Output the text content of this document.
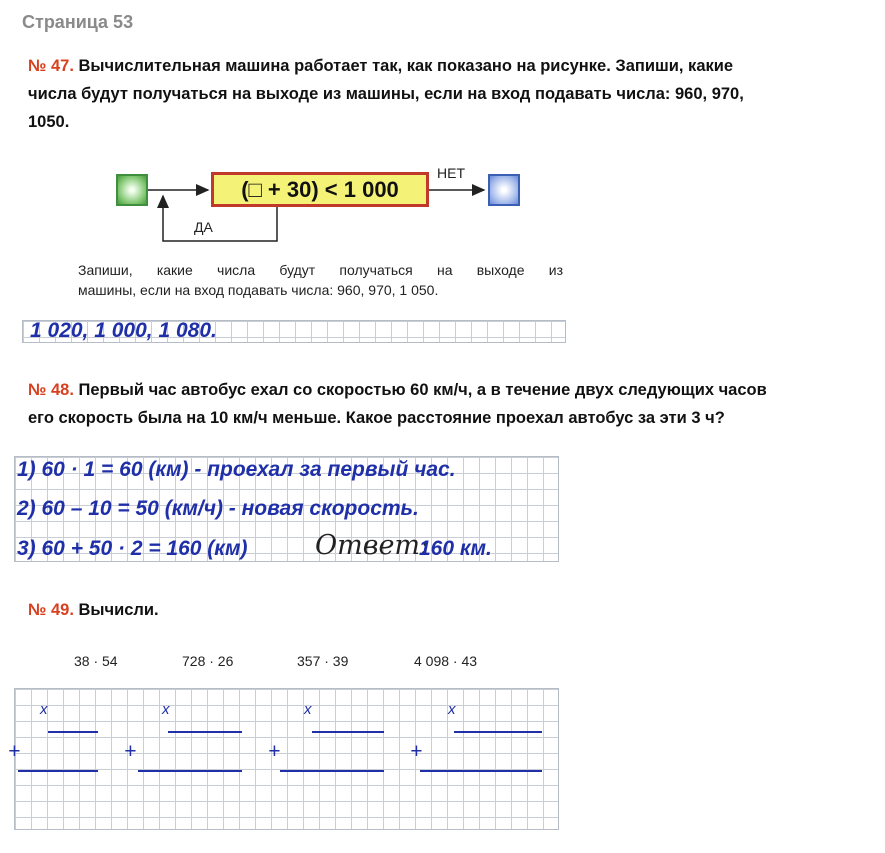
Страница 53
№ 47. Вычислительная машина работает так, как показано на рисунке. Запиши, какие
числа будут получаться на выходе из машины, если на вход подавать числа: 960, 970,
1050.
(□ + 30) < 1 000
НЕТ
ДА
Запиши, какие числа будут получаться на выходе из
машины, если на вход подавать числа: 960, 970, 1 050.
1 020, 1 000, 1 080.
№ 48. Первый час автобус ехал со скоростью 60 км/ч, а в течение двух следующих часов
его скорость была на 10 км/ч меньше. Какое расстояние проехал автобус за эти 3 ч?
1) 60 · 1 = 60 (км) - проехал за первый час.
2) 60 – 10 = 50 (км/ч) - новая скорость.
3) 60 + 50 · 2 = 160 (км)	Ответ:
160 км.
№ 49. Вычисли.
38 · 54	728 · 26	357 · 39	4 098 · 43
x
+
x
+
x
+
x
+
